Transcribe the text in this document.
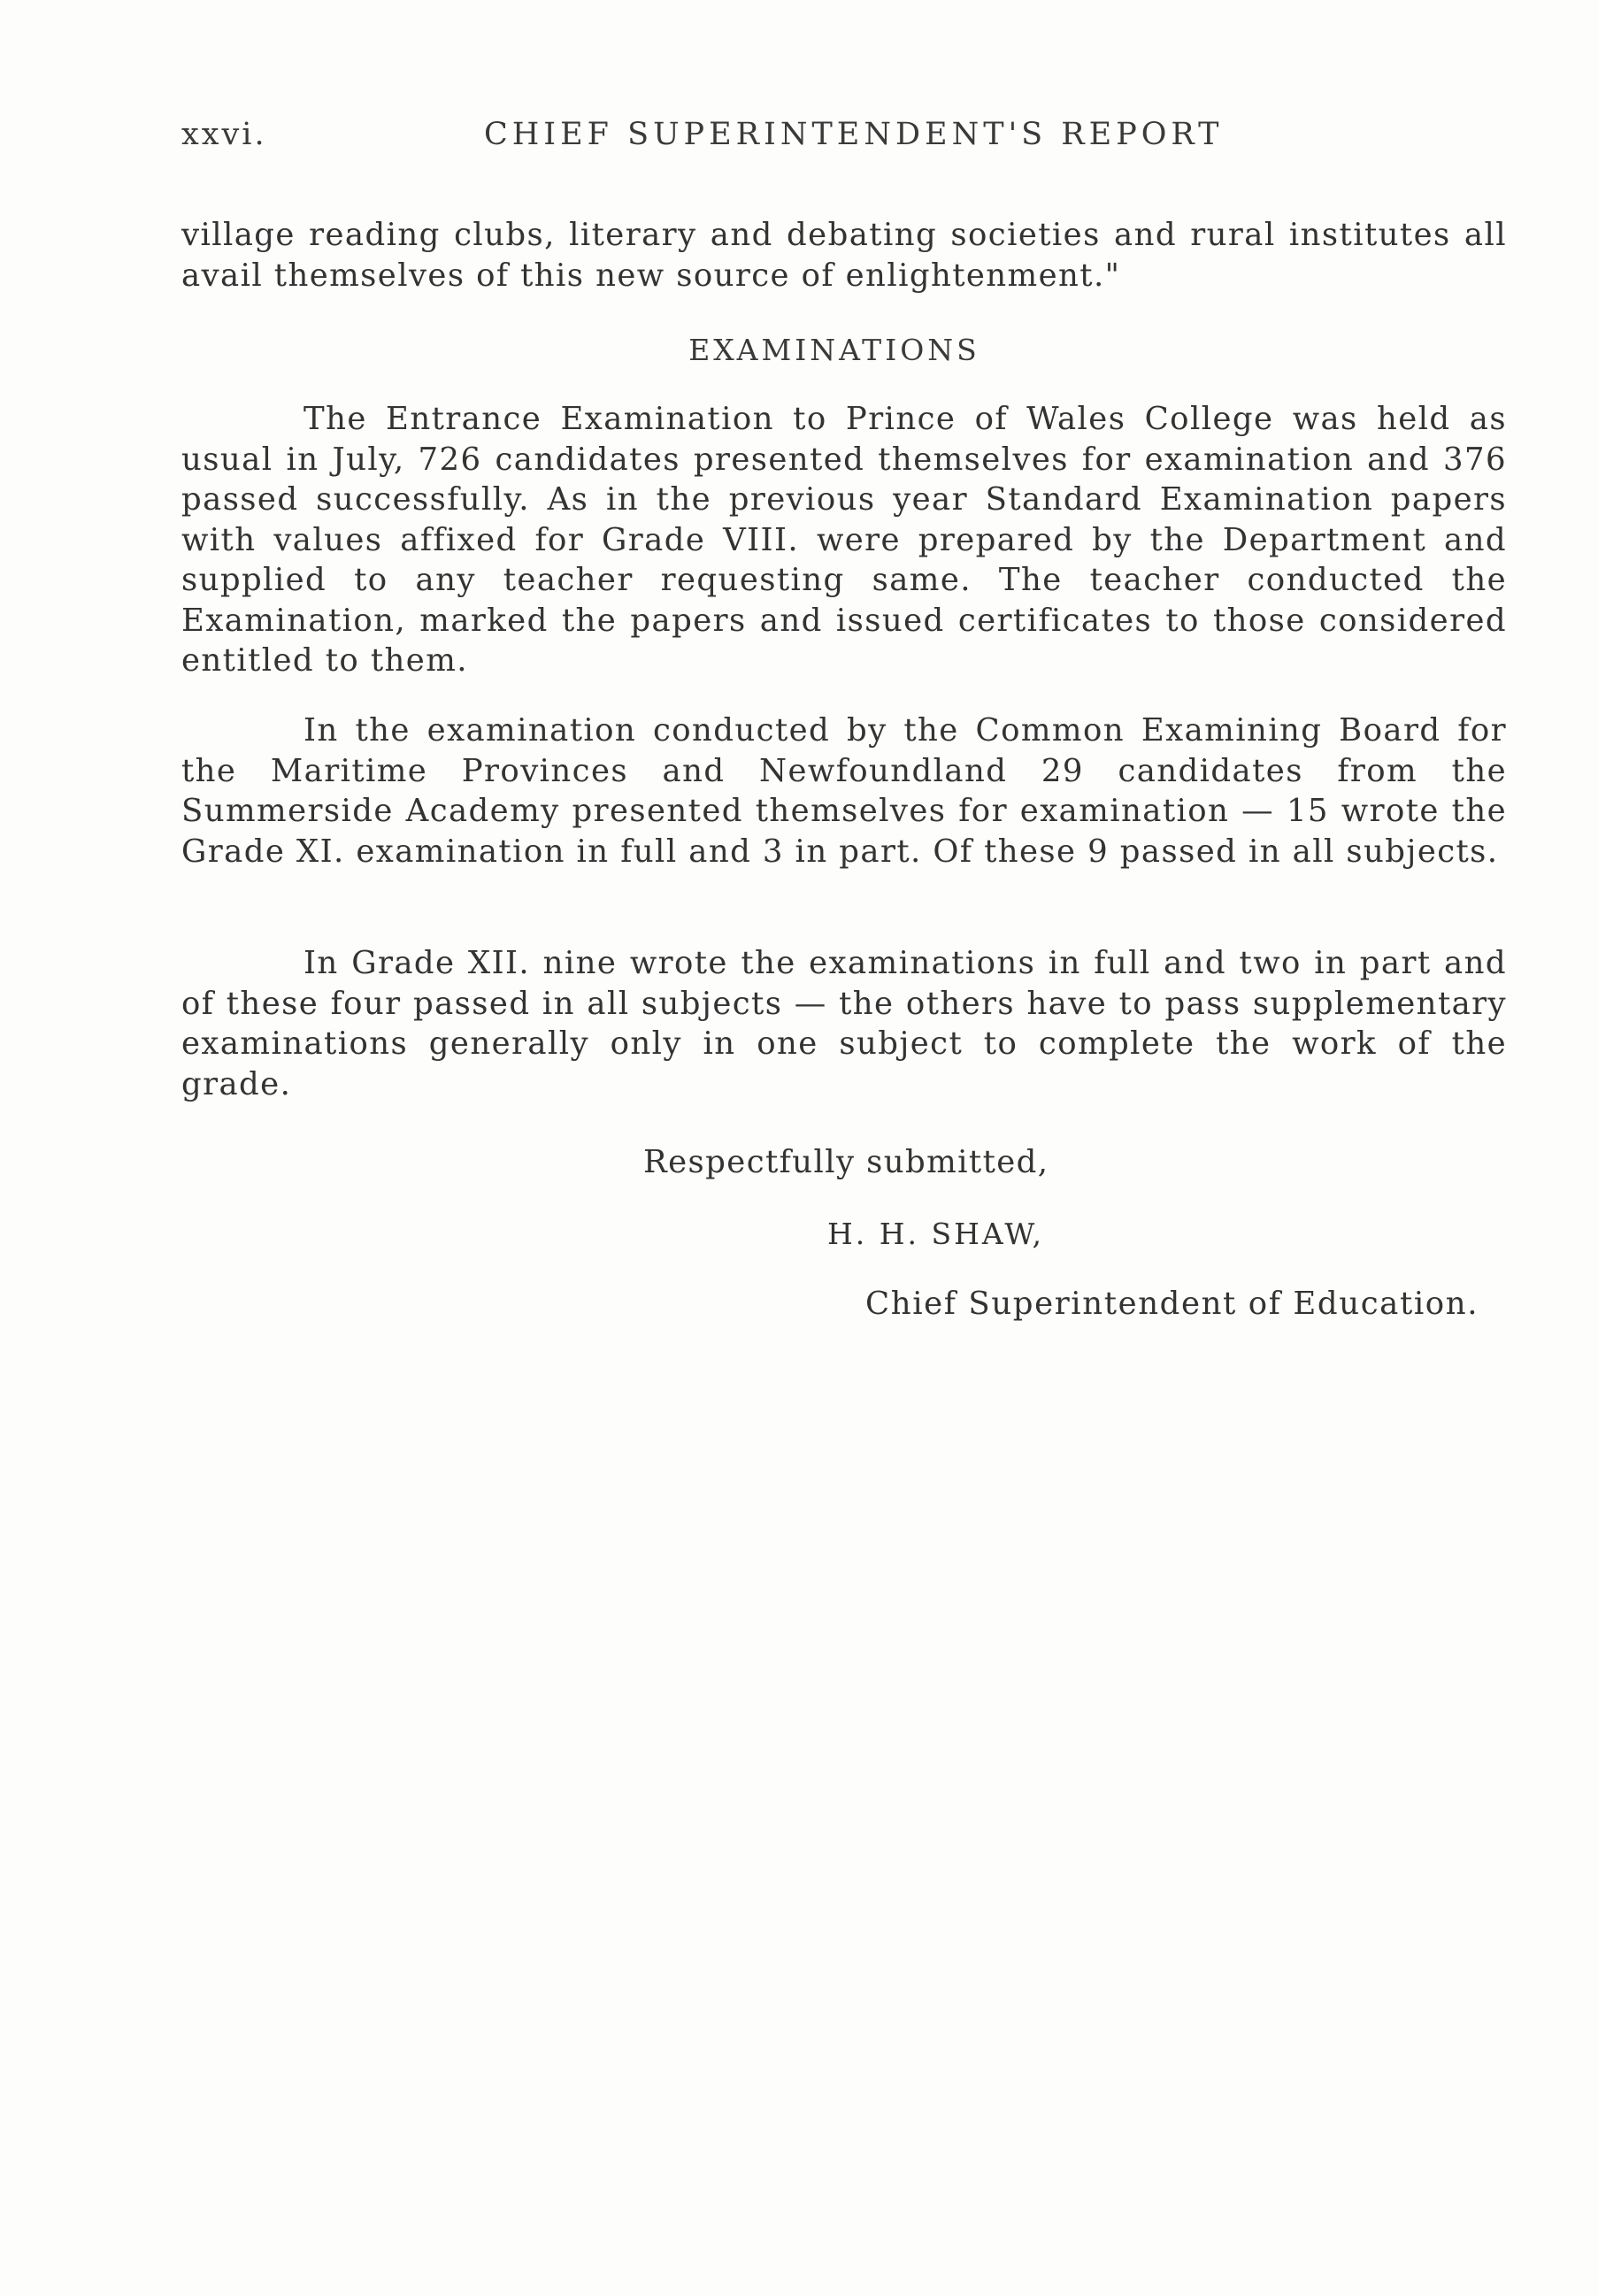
xxvi.	CHIEF SUPERINTENDENT'S REPORT

village reading clubs, literary and debating societies and rural institutes all avail themselves of this new source of enlightenment."

EXAMINATIONS

The Entrance Examination to Prince of Wales College was held as usual in July, 726 candidates presented themselves for examination and 376 passed successfully. As in the previous year Standard Examination papers with values affixed for Grade VIII. were prepared by the Department and supplied to any teacher requesting same. The teacher conducted the Examination, marked the papers and issued certificates to those considered entitled to them.

In the examination conducted by the Common Examining Board for the Maritime Provinces and Newfoundland 29 candidates from the Summerside Academy presented themselves for examination — 15 wrote the Grade XI. examination in full and 3 in part. Of these 9 passed in all subjects.

In Grade XII. nine wrote the examinations in full and two in part and of these four passed in all subjects — the others have to pass supplementary examinations generally only in one subject to complete the work of the grade.

Respectfully submitted,
H. H. SHAW,
Chief Superintendent of Education.
